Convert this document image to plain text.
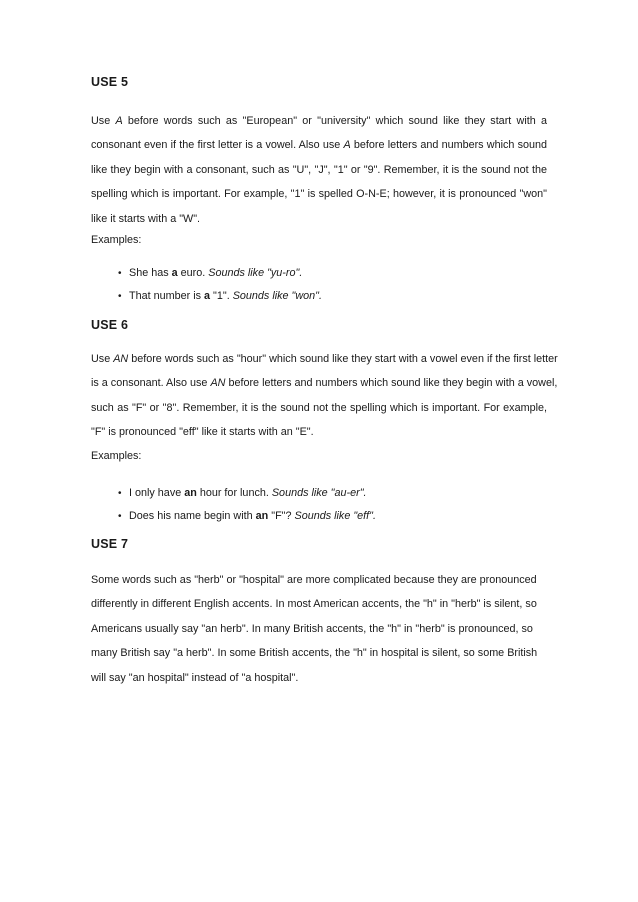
USE 5
Use A before words such as "European" or "university" which sound like they start with a
consonant even if the first letter is a vowel. Also use A before letters and numbers which sound
like they begin with a consonant, such as "U", "J", "1" or "9". Remember, it is the sound not the
spelling which is important. For example, "1" is spelled O-N-E; however, it is pronounced "won"
like it starts with a "W".
Examples:
• She has a euro. Sounds like "yu-ro".
• That number is a "1". Sounds like "won".
USE 6
Use AN before words such as "hour" which sound like they start with a vowel even if the first letter
is a consonant. Also use AN before letters and numbers which sound like they begin with a vowel,
such as "F" or "8". Remember, it is the sound not the spelling which is important. For example,
"F" is pronounced "eff" like it starts with an "E".
Examples:
• I only have an hour for lunch. Sounds like "au-er".
• Does his name begin with an "F"? Sounds like "eff".
USE 7
Some words such as "herb" or "hospital" are more complicated because they are pronounced
differently in different English accents. In most American accents, the "h" in "herb" is silent, so
Americans usually say "an herb". In many British accents, the "h" in "herb" is pronounced, so
many British say "a herb". In some British accents, the "h" in hospital is silent, so some British
will say "an hospital" instead of "a hospital".
